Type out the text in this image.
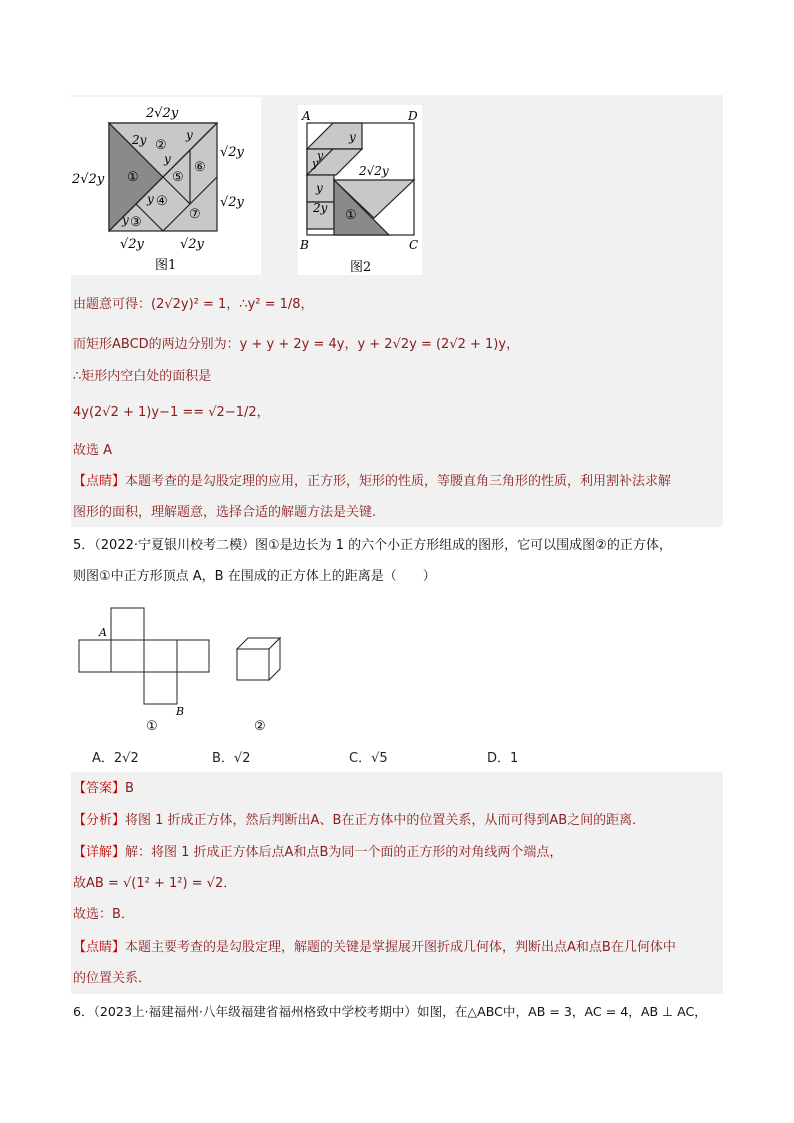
2√2y
2√2y
√2y
√2y
√2y	√2y
2y	y
y
y
y
①
②
③
④
⑤
⑥
⑦
图1
A	D
B	C
y
y
y
y
2y
2√2y
①
图2
由题意可得：(2√2y)² = 1，∴y² = 1/8，
而矩形ABCD的两边分别为：y + y + 2y = 4y，y + 2√2y = (2√2 + 1)y，
∴矩形内空白处的面积是
4y(2√2 + 1)y−1 == √2−1/2，
故选 A
【点睛】本题考查的是勾股定理的应用，正方形，矩形的性质，等腰直角三角形的性质，利用割补法求解
图形的面积，理解题意，选择合适的解题方法是关键.
5．（2022·宁夏银川校考二模）图①是边长为 1 的六个小正方形组成的图形，它可以围成图②的正方体，
则图①中正方形顶点 A，B 在围成的正方体上的距离是（　　）
A
B
①	②
A．2√2	B．√2	C．√5	D．1
【答案】B
【分析】将图 1 折成正方体，然后判断出A、B在正方体中的位置关系，从而可得到AB之间的距离．
【详解】解：将图 1 折成正方体后点A和点B为同一个面的正方形的对角线两个端点，
故AB = √(1² + 1²) = √2．
故选：B．
【点睛】本题主要考查的是勾股定理，解题的关键是掌握展开图折成几何体，判断出点A和点B在几何体中
的位置关系．
6．（2023上·福建福州·八年级福建省福州格致中学校考期中）如图，在△ABC中，AB = 3，AC = 4，AB ⊥ AC，
